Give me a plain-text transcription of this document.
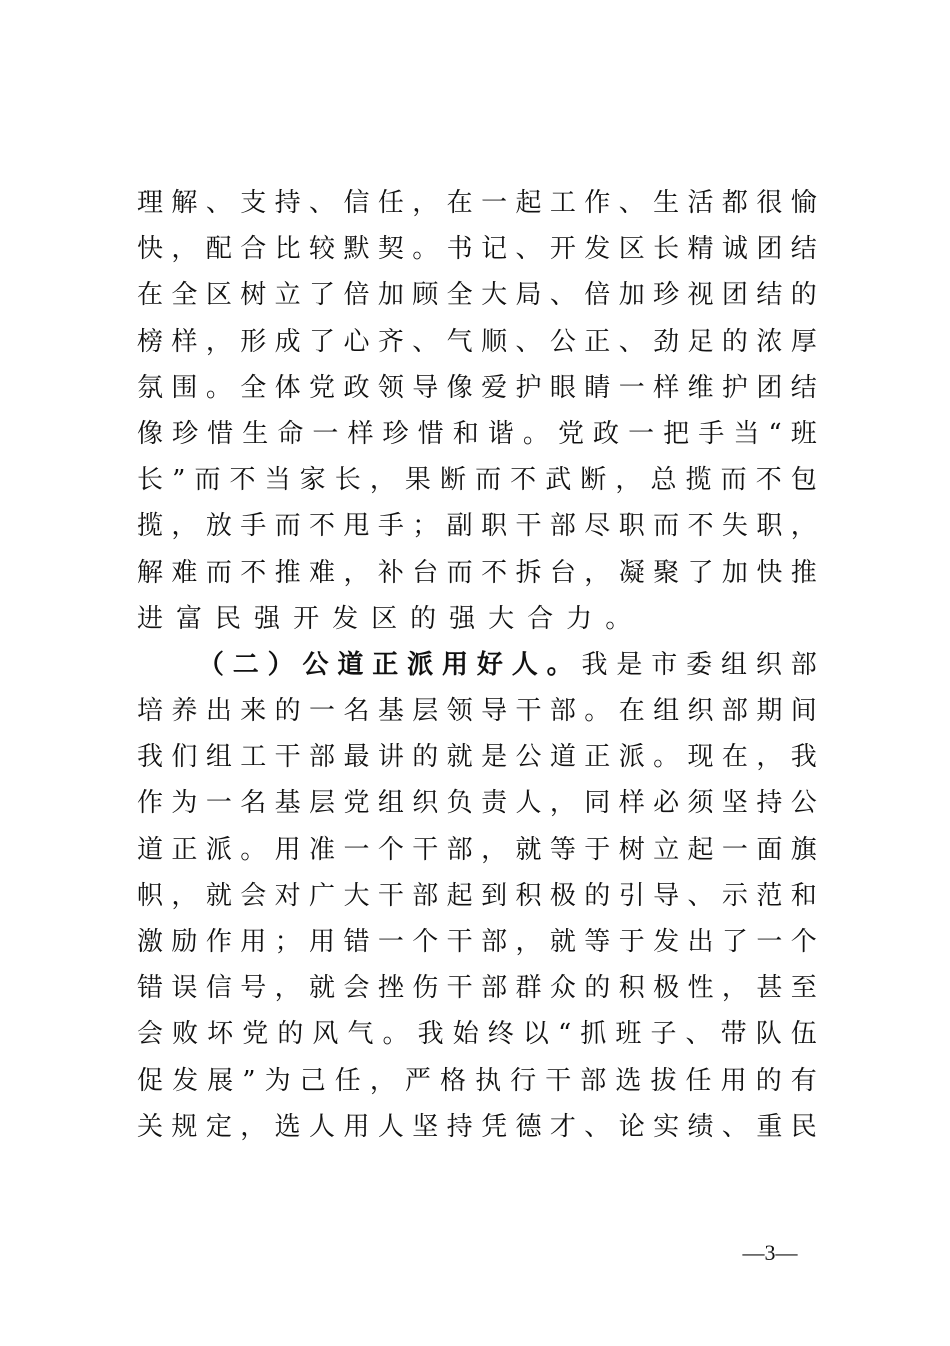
理 解 、 支 持 、 信 任 ， 在 一 起 工 作 、 生 活 都 很 愉
快 ， 配 合 比 较 默 契 。 书 记 、 开 发 区 长 精 诚 团 结
在 全 区 树 立 了 倍 加 顾 全 大 局 、 倍 加 珍 视 团 结 的
榜 样 ， 形 成 了 心 齐 、 气 顺 、 公 正 、 劲 足 的 浓 厚
氛 围 。 全 体 党 政 领 导 像 爱 护 眼 睛 一 样 维 护 团 结
像 珍 惜 生 命 一 样 珍 惜 和 谐 。 党 政 一 把 手 当 “ 班
长 ” 而 不 当 家 长 ， 果 断 而 不 武 断 ， 总 揽 而 不 包
揽 ， 放 手 而 不 甩 手 ； 副 职 干 部 尽 职 而 不 失 职 ，
解 难 而 不 推 难 ， 补 台 而 不 拆 台 ， 凝 聚 了 加 快 推
进 富 民 强 开 发 区 的 强 大 合 力 。
（ 二 ） 公 道 正 派 用 好 人 。 我 是 市 委 组 织 部
培 养 出 来 的 一 名 基 层 领 导 干 部 。 在 组 织 部 期 间
我 们 组 工 干 部 最 讲 的 就 是 公 道 正 派 。 现 在 ， 我
作 为 一 名 基 层 党 组 织 负 责 人 ， 同 样 必 须 坚 持 公
道 正 派 。 用 准 一 个 干 部 ， 就 等 于 树 立 起 一 面 旗
帜 ， 就 会 对 广 大 干 部 起 到 积 极 的 引 导 、 示 范 和
激 励 作 用 ； 用 错 一 个 干 部 ， 就 等 于 发 出 了 一 个
错 误 信 号 ， 就 会 挫 伤 干 部 群 众 的 积 极 性 ， 甚 至
会 败 坏 党 的 风 气 。 我 始 终 以 “ 抓 班 子 、 带 队 伍
促 发 展 ” 为 己 任 ， 严 格 执 行 干 部 选 拔 任 用 的 有
关 规 定 ， 选 人 用 人 坚 持 凭 德 才 、 论 实 绩 、 重 民
—3—
